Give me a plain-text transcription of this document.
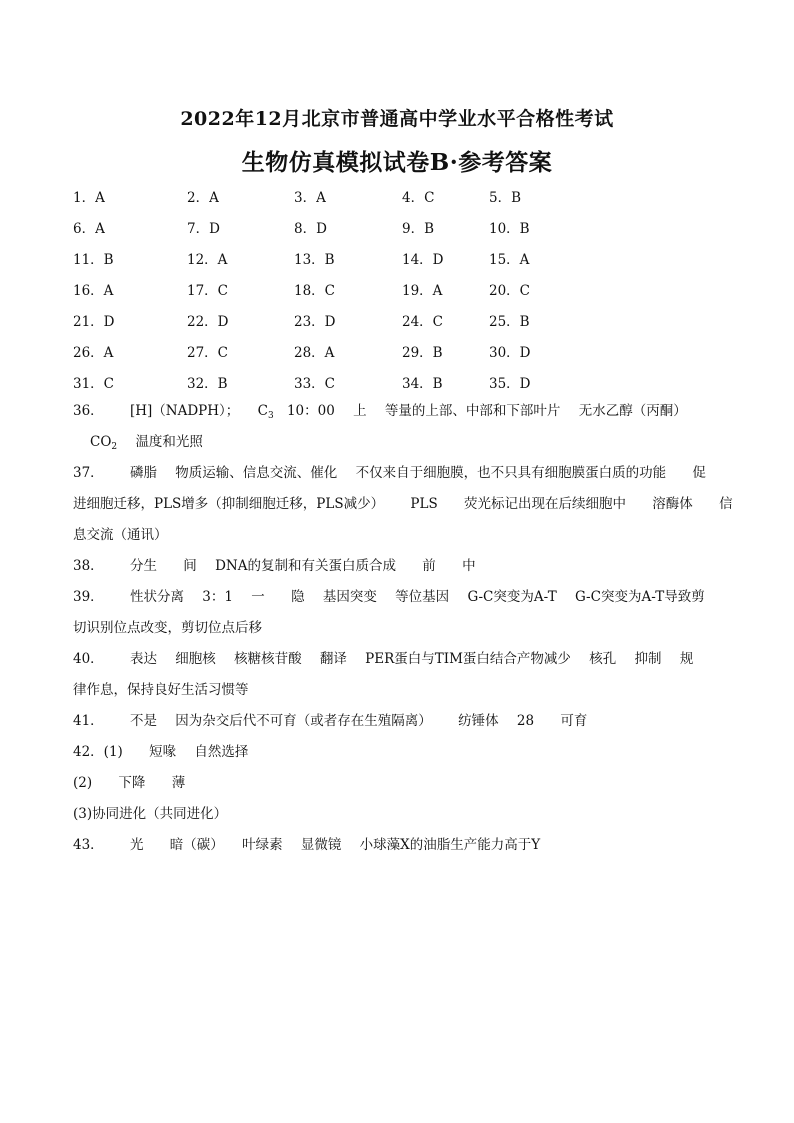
2022年12月北京市普通高中学业水平合格性考试
生物仿真模拟试卷B·参考答案
1．A	2．A	3．A	4．C	5．B
6．A	7．D	8．D	9．B	10．B
11．B	12．A	13．B	14．D	15．A
16．A	17．C	18．C	19．A	20．C
21．D	22．D	23．D	24．C	25．B
26．A	27．C	28．A	29．B	30．D
31．C	32．B	33．C	34．B	35．D
36． [H]（NADPH）； $C_3$ 10：00 上 等量的上部、中部和下部叶片 无水乙醇（丙酮）
$CO_2$ 温度和光照
37． 磷脂 物质运输、信息交流、催化 不仅来自于细胞膜，也不只具有细胞膜蛋白质的功能 促
进细胞迁移，PLS增多（抑制细胞迁移，PLS减少） PLS 荧光标记出现在后续细胞中 溶酶体 信
息交流（通讯）
38． 分生 间 DNA的复制和有关蛋白质合成 前 中
39． 性状分离 3：1 一 隐 基因突变 等位基因 G-C突变为A-T G-C突变为A-T导致剪
切识别位点改变，剪切位点后移
40． 表达 细胞核 核糖核苷酸 翻译 PER蛋白与TIM蛋白结合产物减少 核孔 抑制 规
律作息，保持良好生活习惯等
41． 不是 因为杂交后代不可育（或者存在生殖隔离） 纺锤体 28 可育
42．(1) 短喙 自然选择
(2) 下降 薄
(3)协同进化（共同进化）
43． 光 暗（碳） 叶绿素 显微镜 小球藻X的油脂生产能力高于Y
